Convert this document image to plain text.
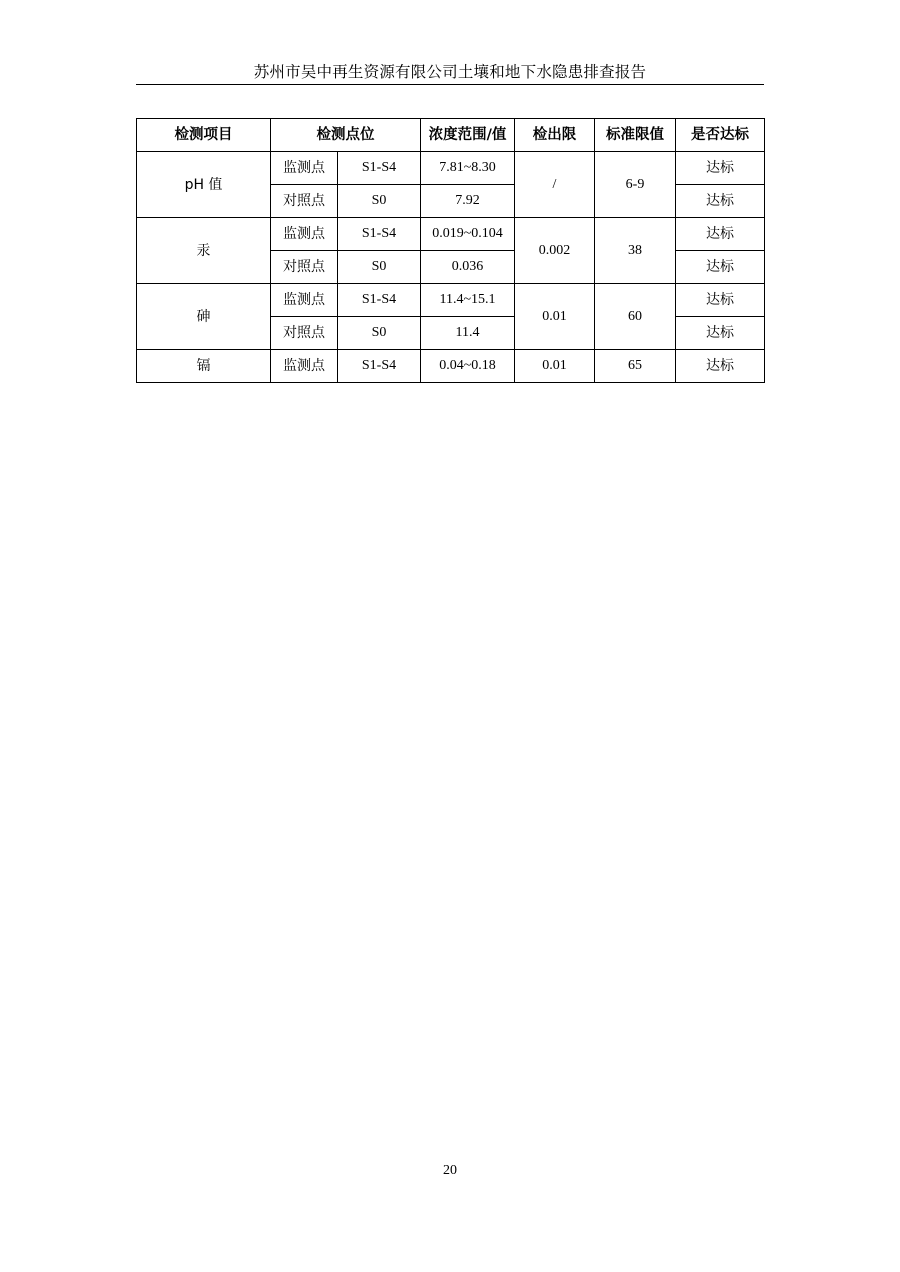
苏州市吴中再生资源有限公司土壤和地下水隐患排查报告
检测项目	检测点位		浓度范围/值	检出限	标准限值	是否达标
pH 值	监测点	S1-S4	7.81~8.30	/	6-9	达标
	对照点	S0	7.92			达标
汞	监测点	S1-S4	0.019~0.104	0.002	38	达标
	对照点	S0	0.036			达标
砷	监测点	S1-S4	11.4~15.1	0.01	60	达标
	对照点	S0	11.4			达标
镉	监测点	S1-S4	0.04~0.18	0.01	65	达标
20
